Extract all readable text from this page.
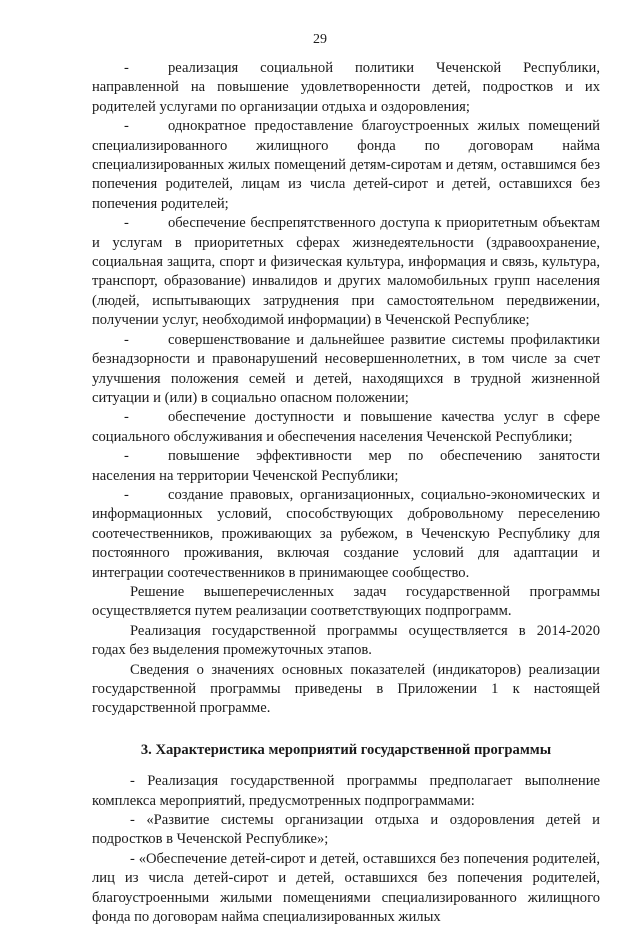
29

-	реализация социальной политики Чеченской Республики, направленной на повышение удовлетворенности детей, подростков и их родителей услугами по организации отдыха и оздоровления;

-	однократное предоставление благоустроенных жилых помещений специализированного жилищного фонда по договорам найма специализированных жилых помещений детям-сиротам и детям, оставшимся без попечения родителей, лицам из числа детей-сирот и детей, оставшихся без попечения родителей;

-	обеспечение беспрепятственного доступа к приоритетным объектам и услугам в приоритетных сферах жизнедеятельности (здравоохранение, социальная защита, спорт и физическая культура, информация и связь, культура, транспорт, образование) инвалидов и других маломобильных групп населения (людей, испытывающих затруднения при самостоятельном передвижении, получении услуг, необходимой информации) в Чеченской Республике;

-	совершенствование и дальнейшее развитие системы профилактики безнадзорности и правонарушений несовершеннолетних, в том числе за счет улучшения положения семей и детей, находящихся в трудной жизненной ситуации и (или) в социально опасном положении;

-	обеспечение доступности и повышение качества услуг в сфере социального обслуживания и обеспечения населения Чеченской Республики;

-	повышение эффективности мер по обеспечению занятости населения на территории Чеченской Республики;

-	создание правовых, организационных, социально-экономических и информационных условий, способствующих добровольному переселению соотечественников, проживающих за рубежом, в Чеченскую Республику для постоянного проживания, включая создание условий для адаптации и интеграции соотечественников в принимающее сообщество.

Решение вышеперечисленных задач государственной программы осуществляется путем реализации соответствующих подпрограмм.

Реализация государственной программы осуществляется в 2014-2020 годах без выделения промежуточных этапов.

Сведения о значениях основных показателей (индикаторов) реализации государственной программы приведены в Приложении 1 к настоящей государственной программе.

3. Характеристика мероприятий государственной программы

- Реализация государственной программы предполагает выполнение комплекса мероприятий, предусмотренных подпрограммами:

- «Развитие системы организации отдыха и оздоровления детей и подростков в Чеченской Республике»;

- «Обеспечение детей-сирот и детей, оставшихся без попечения родителей, лиц из числа детей-сирот и детей, оставшихся без попечения родителей, благоустроенными жилыми помещениями специализированного жилищного фонда по договорам найма специализированных жилых
